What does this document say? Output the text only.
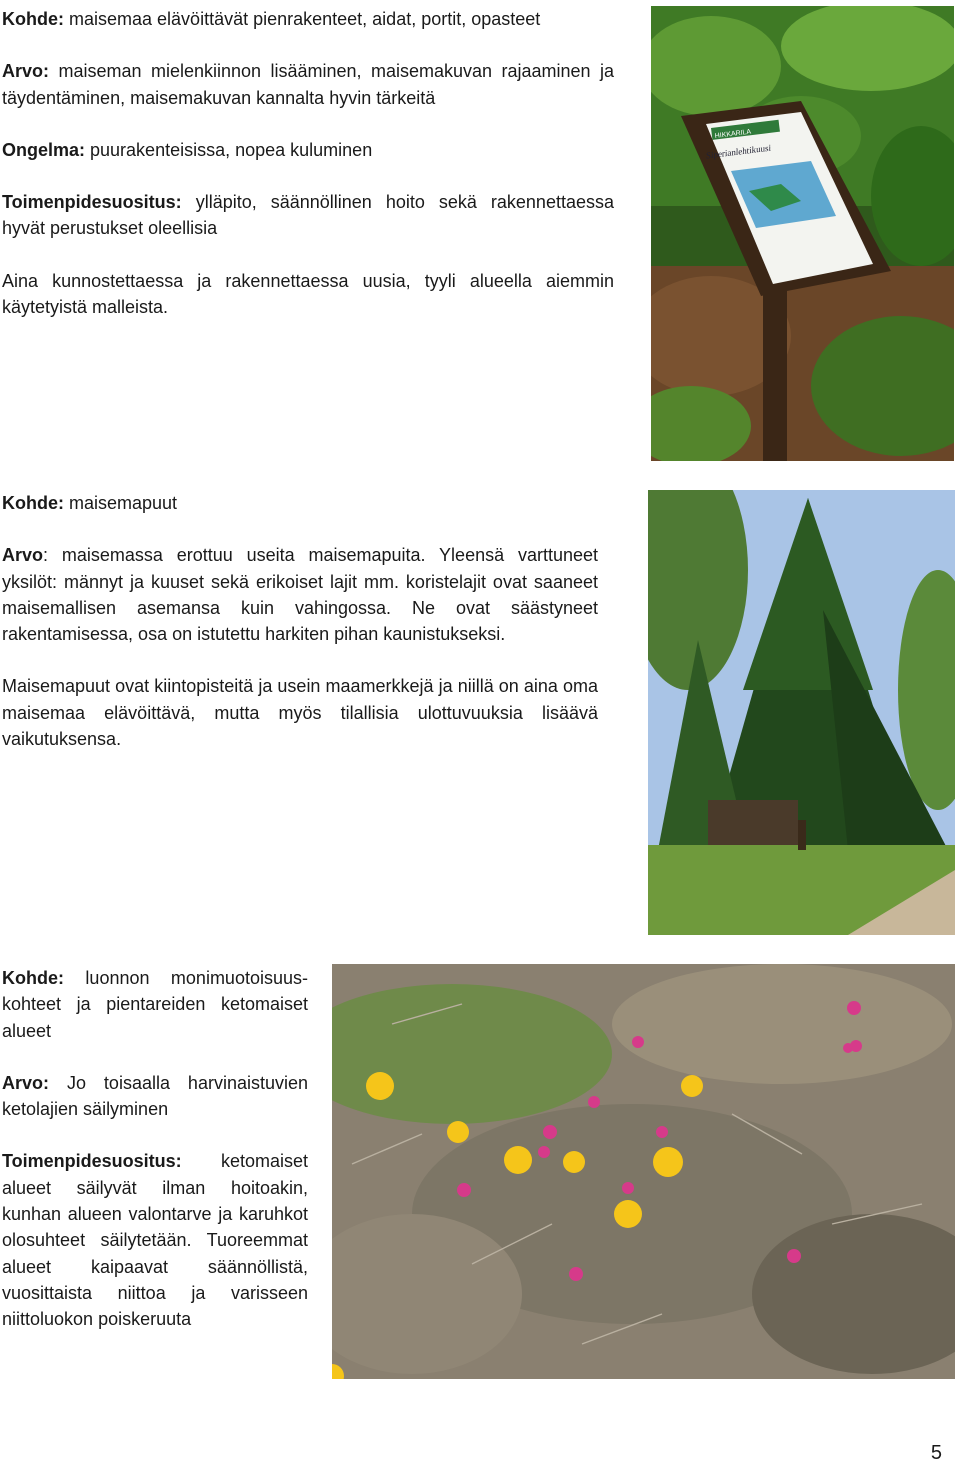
Kohde: maisemaa elävöittävät pienrakenteet, aidat, portit, opasteet

Arvo: maiseman mielenkiinnon lisääminen, maisemakuvan rajaaminen ja täydentäminen, maisemakuvan kannalta hyvin tärkeitä

Ongelma: puurakenteisissa, nopea kuluminen

Toimenpidesuositus: ylläpito, säännöllinen hoito sekä rakennettaessa hyvät perustukset oleellisia

Aina kunnostettaessa ja rakennettaessa uusia, tyyli alueella aiemmin käytetyistä malleista.

HIKKARILA
Siperianlehtikuusi

Kohde: maisemapuut

Arvo: maisemassa erottuu useita maisemapuita. Yleensä varttuneet yksilöt: männyt ja kuuset sekä erikoiset lajit mm. koristelajit ovat saaneet maisemallisen asemansa kuin vahingossa. Ne ovat säästyneet rakentamisessa, osa on istutettu harkiten pihan kaunistukseksi.

Maisemapuut ovat kiintopisteitä ja usein maamerkkejä ja niillä on aina oma maisemaa elävöittävä, mutta myös tilallisia ulottuvuuksia lisäävä vaikutuksensa.

Kohde: luonnon monimuotoisuuskohteet ja pientareiden ketomaiset alueet

Arvo: Jo toisaalla harvinaistuvien ketolajien säilyminen

Toimenpidesuositus: ketomaiset alueet säilyvät ilman hoitoakin, kunhan alueen valontarve ja karuhkot olosuhteet säilytetään. Tuoreemmat alueet kaipaavat säännöllistä, vuosittaista niittoa ja varisseen niittoluokon poiskeruuta

5
